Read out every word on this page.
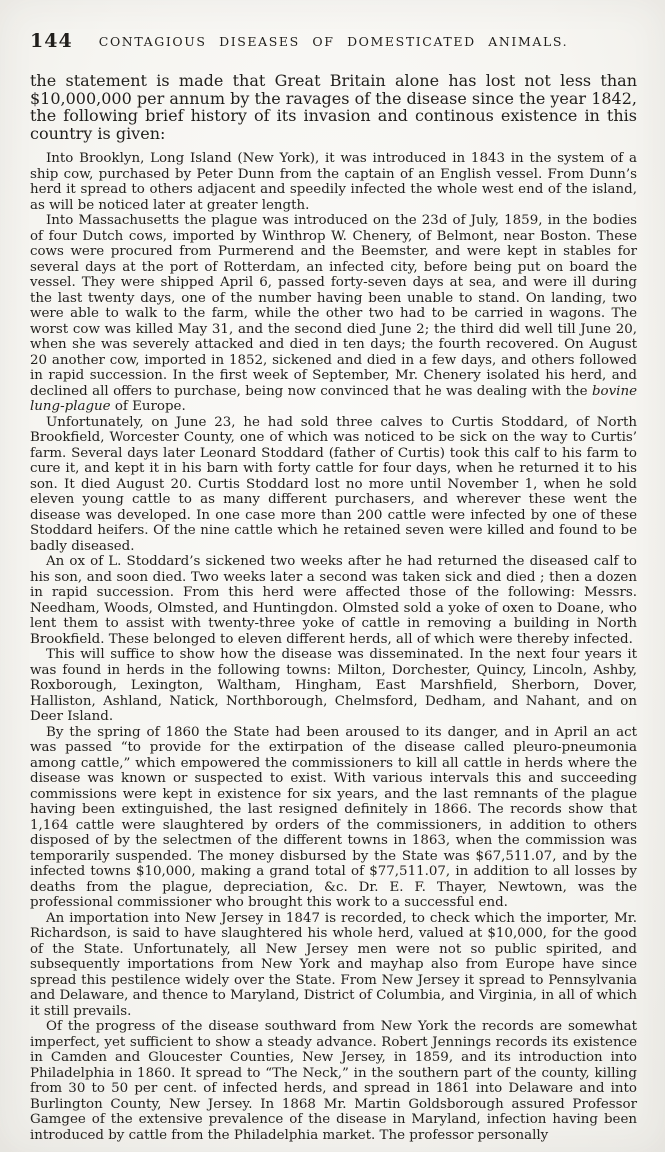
144	CONTAGIOUS DISEASES OF DOMESTICATED ANIMALS.

the statement is made that Great Britain alone has lost not less than $10,000,000 per annum by the ravages of the disease since the year 1842, the following brief history of its invasion and continous existence in this country is given:

Into Brooklyn, Long Island (New York), it was introduced in 1843 in the system of a ship cow, purchased by Peter Dunn from the captain of an English vessel. From Dunn’s herd it spread to others adjacent and speedily infected the whole west end of the island, as will be noticed later at greater length.

Into Massachusetts the plague was introduced on the 23d of July, 1859, in the bodies of four Dutch cows, imported by Winthrop W. Chenery, of Belmont, near Boston. These cows were procured from Purmerend and the Beemster, and were kept in stables for several days at the port of Rotterdam, an infected city, before being put on board the vessel. They were shipped April 6, passed forty-seven days at sea, and were ill during the last twenty days, one of the number having been unable to stand. On landing, two were able to walk to the farm, while the other two had to be carried in wagons. The worst cow was killed May 31, and the second died June 2; the third did well till June 20, when she was severely attacked and died in ten days; the fourth recovered. On August 20 another cow, imported in 1852, sickened and died in a few days, and others followed in rapid succession. In the first week of September, Mr. Chenery isolated his herd, and declined all offers to purchase, being now convinced that he was dealing with the bovine lung-plague of Europe.

Unfortunately, on June 23, he had sold three calves to Curtis Stoddard, of North Brookfield, Worcester County, one of which was noticed to be sick on the way to Curtis’ farm. Several days later Leonard Stoddard (father of Curtis) took this calf to his farm to cure it, and kept it in his barn with forty cattle for four days, when he returned it to his son. It died August 20. Curtis Stoddard lost no more until November 1, when he sold eleven young cattle to as many different purchasers, and wherever these went the disease was developed. In one case more than 200 cattle were infected by one of these Stoddard heifers. Of the nine cattle which he retained seven were killed and found to be badly diseased.

An ox of L. Stoddard’s sickened two weeks after he had returned the diseased calf to his son, and soon died. Two weeks later a second was taken sick and died ; then a dozen in rapid succession. From this herd were affected those of the following: Messrs. Needham, Woods, Olmsted, and Huntingdon. Olmsted sold a yoke of oxen to Doane, who lent them to assist with twenty-three yoke of cattle in removing a building in North Brookfield. These belonged to eleven different herds, all of which were thereby infected.

This will suffice to show how the disease was disseminated. In the next four years it was found in herds in the following towns: Milton, Dorchester, Quincy, Lincoln, Ashby, Roxborough, Lexington, Waltham, Hingham, East Marshfield, Sherborn, Dover, Halliston, Ashland, Natick, Northborough, Chelmsford, Dedham, and Nahant, and on Deer Island.

By the spring of 1860 the State had been aroused to its danger, and in April an act was passed “to provide for the extirpation of the disease called pleuro-pneumonia among cattle,” which empowered the commissioners to kill all cattle in herds where the disease was known or suspected to exist. With various intervals this and succeeding commissions were kept in existence for six years, and the last remnants of the plague having been extinguished, the last resigned definitely in 1866. The records show that 1,164 cattle were slaughtered by orders of the commissioners, in addition to others disposed of by the selectmen of the different towns in 1863, when the commission was temporarily suspended. The money disbursed by the State was $67,511.07, and by the infected towns $10,000, making a grand total of $77,511.07, in addition to all losses by deaths from the plague, depreciation, &c. Dr. E. F. Thayer, Newtown, was the professional commissioner who brought this work to a successful end.

An importation into New Jersey in 1847 is recorded, to check which the importer, Mr. Richardson, is said to have slaughtered his whole herd, valued at $10,000, for the good of the State. Unfortunately, all New Jersey men were not so public spirited, and subsequently importations from New York and mayhap also from Europe have since spread this pestilence widely over the State. From New Jersey it spread to Pennsylvania and Delaware, and thence to Maryland, District of Columbia, and Virginia, in all of which it still prevails.

Of the progress of the disease southward from New York the records are somewhat imperfect, yet sufficient to show a steady advance. Robert Jennings records its existence in Camden and Gloucester Counties, New Jersey, in 1859, and its introduction into Philadelphia in 1860. It spread to “The Neck,” in the southern part of the county, killing from 30 to 50 per cent. of infected herds, and spread in 1861 into Delaware and into Burlington County, New Jersey. In 1868 Mr. Martin Goldsborough assured Professor Gamgee of the extensive prevalence of the disease in Maryland, infection having been introduced by cattle from the Philadelphia market. The professor personally
